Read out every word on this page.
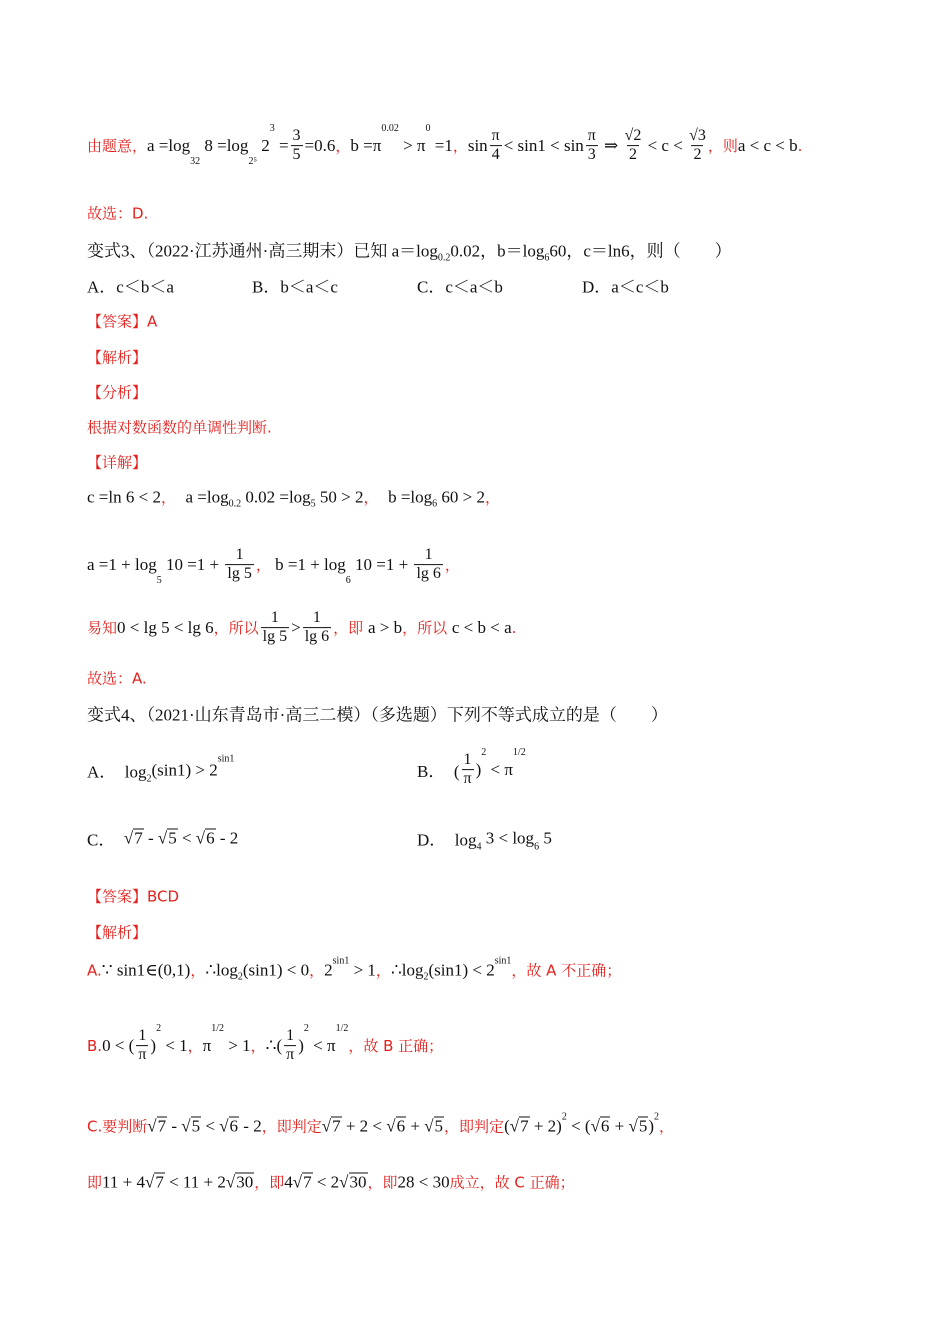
由题意， a =log
32
8 =log
2⁵
2
3
= $\frac{3}{5} =0.6$ ， b =π
0.02
> π
0
=1 ， $\sin \frac{\pi}{4} < \sin 1 < \sin \frac{\pi}{3}$ ⇒ $\frac{√2}{2} < c < \frac{√3}{2}$ ，则 a < c < b .
故选：D.
变式3、（2022·江苏通州·高三期末）已知 a＝log 0.2 0.02，b＝log 6 60，c＝ln6，则（　　）
A．c＜b＜a	B．b＜a＜c	C．c＜a＜b	D．a＜c＜b
【答案】A
【解析】
【分析】
根据对数函数的单调性判断.
【详解】
c =ln 6 < 2 ， a =log 0.2 0.02 =log 5 50 > 2 ， b =log 6 60 > 2 ，
a =1 + log
5
$10 =1 + \frac{1}{\lg 5}$ ， b =1 + log
6
$10 =1 + \frac{1}{\lg 6}$ ，
易知 0 < lg 5 < lg 6 ，所以 $\frac{1}{\lg 5} > \frac{1}{\lg 6}$ ，即 a > b ，所以 c < b < a .
故选：A.
变式4、（2021·山东青岛市·高三二模）（多选题）下列不等式成立的是（　　）
A．  log 2 (sin1) > 2
sin1
B．  ( $\frac{1}{\pi}$ )
2
< π
1/2
C． √ 7 - √ 5 < √ 6 - 2	D．  log 4 3 < log 6 5
【答案】BCD
【解析】
A. ∵ sin1∈(0,1) ， ∴log 2 (sin1) < 0 ， 2 sin1 > 1 ， ∴log 2 (sin1) < 2 sin1
，故 A 不正确；
B. 0 < ( $\frac{1}{\pi}$ )
2
< 1 ， π
1/2
> 1 ， ∴( $\frac{1}{\pi}$ )
2
< π
1/2
，故 B 正确；
C.要判断 √ 7 - √ 5 < √ 6 - 2 ，即判定 √ 7 + 2 < √ 6 + √ 5 ，即判定 ( √ 7 + 2) 2 < ( √ 6 + √ 5 ) 2
，
即 11 + 4 √ 7 < 11 + 2 √ 30 ，即 4 √ 7 < 2 √ 30 ，即 28 < 30 成立，故 C 正确；
